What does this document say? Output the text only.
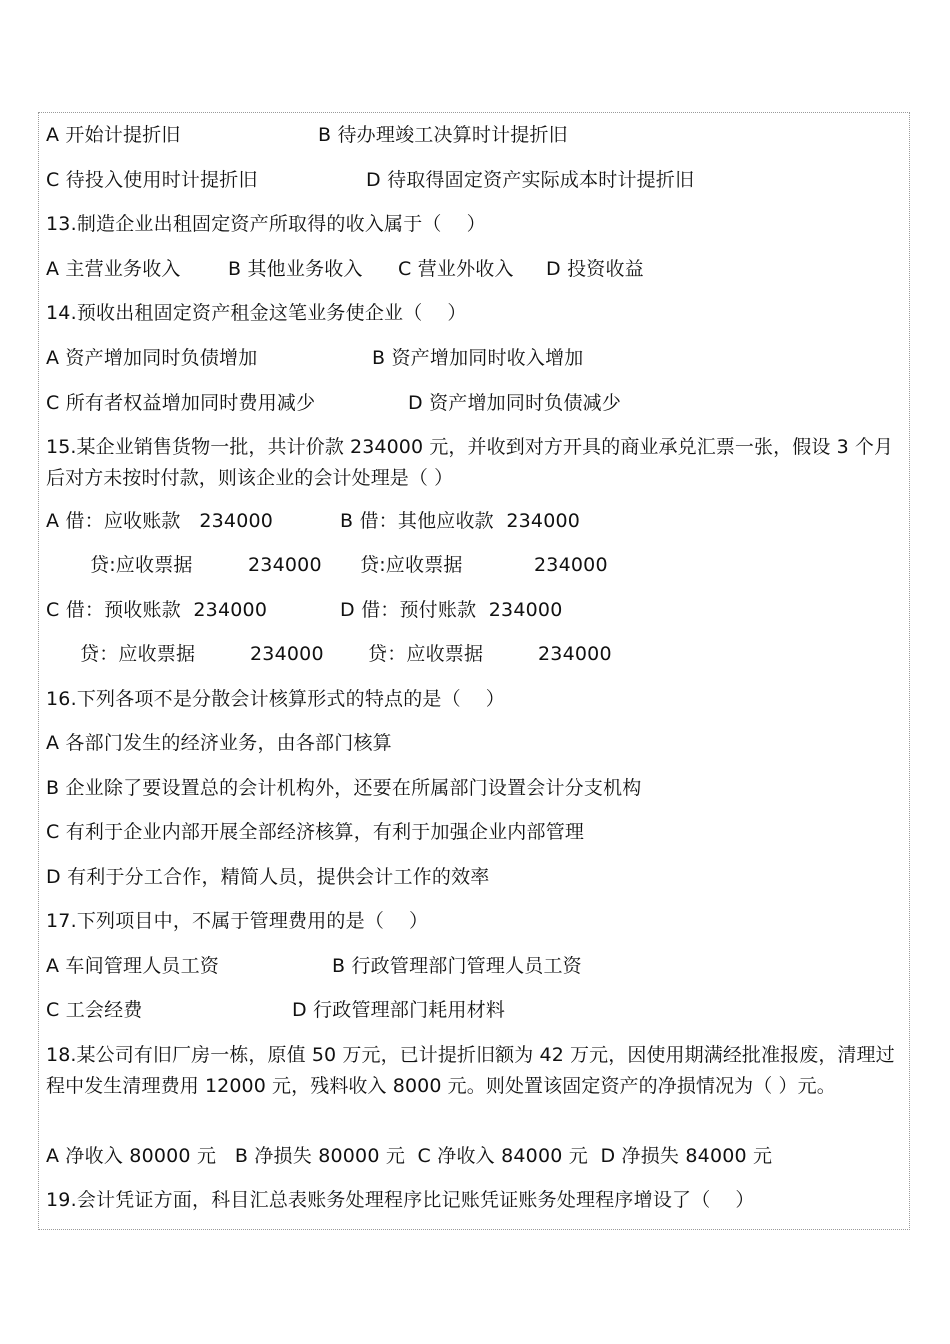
A 开始计提折旧

	B 待办理竣工决算时计提折旧

C 待投入使用时计提折旧

	D 待取得固定资产实际成本时计提折旧

13.制造企业出租固定资产所取得的收入属于（    ）

A 主营业务收入

B 其他业务收入

C 营业外收入

D 投资收益

14.预收出租固定资产租金这笔业务使企业（    ）

A 资产增加同时负债增加

	B 资产增加同时收入增加

C 所有者权益增加同时费用减少

	D 资产增加同时负债减少

15.某企业销售货物一批，共计价款 234000 元，并收到对方开具的商业承兑汇票一张，假设 3 个月后对方未按时付款，则该企业的会计处理是（ ）

A 借：应收账款   234000

	B 借：其他应收款  234000

贷:应收票据

	234000

贷:应收票据

	234000

C 借：预收账款  234000

	D 借：预付账款  234000

贷：应收票据

	234000

贷：应收票据

	234000

16.下列各项不是分散会计核算形式的特点的是（    ）
A 各部门发生的经济业务，由各部门核算
B 企业除了要设置总的会计机构外，还要在所属部门设置会计分支机构
C 有利于企业内部开展全部经济核算，有利于加强企业内部管理
D 有利于分工合作，精简人员，提供会计工作的效率
17.下列项目中，不属于管理费用的是（    ）

A 车间管理人员工资

	B 行政管理部门管理人员工资

C 工会经费

	D 行政管理部门耗用材料

18.某公司有旧厂房一栋，原值 50 万元，已计提折旧额为 42 万元，因使用期满经批准报废，清理过程中发生清理费用 12000 元，残料收入 8000 元。则处置该固定资产的净损情况为（ ）元。
A 净收入 80000 元   B 净损失 80000 元  C 净收入 84000 元  D 净损失 84000 元
19.会计凭证方面，科目汇总表账务处理程序比记账凭证账务处理程序增设了（    ）
